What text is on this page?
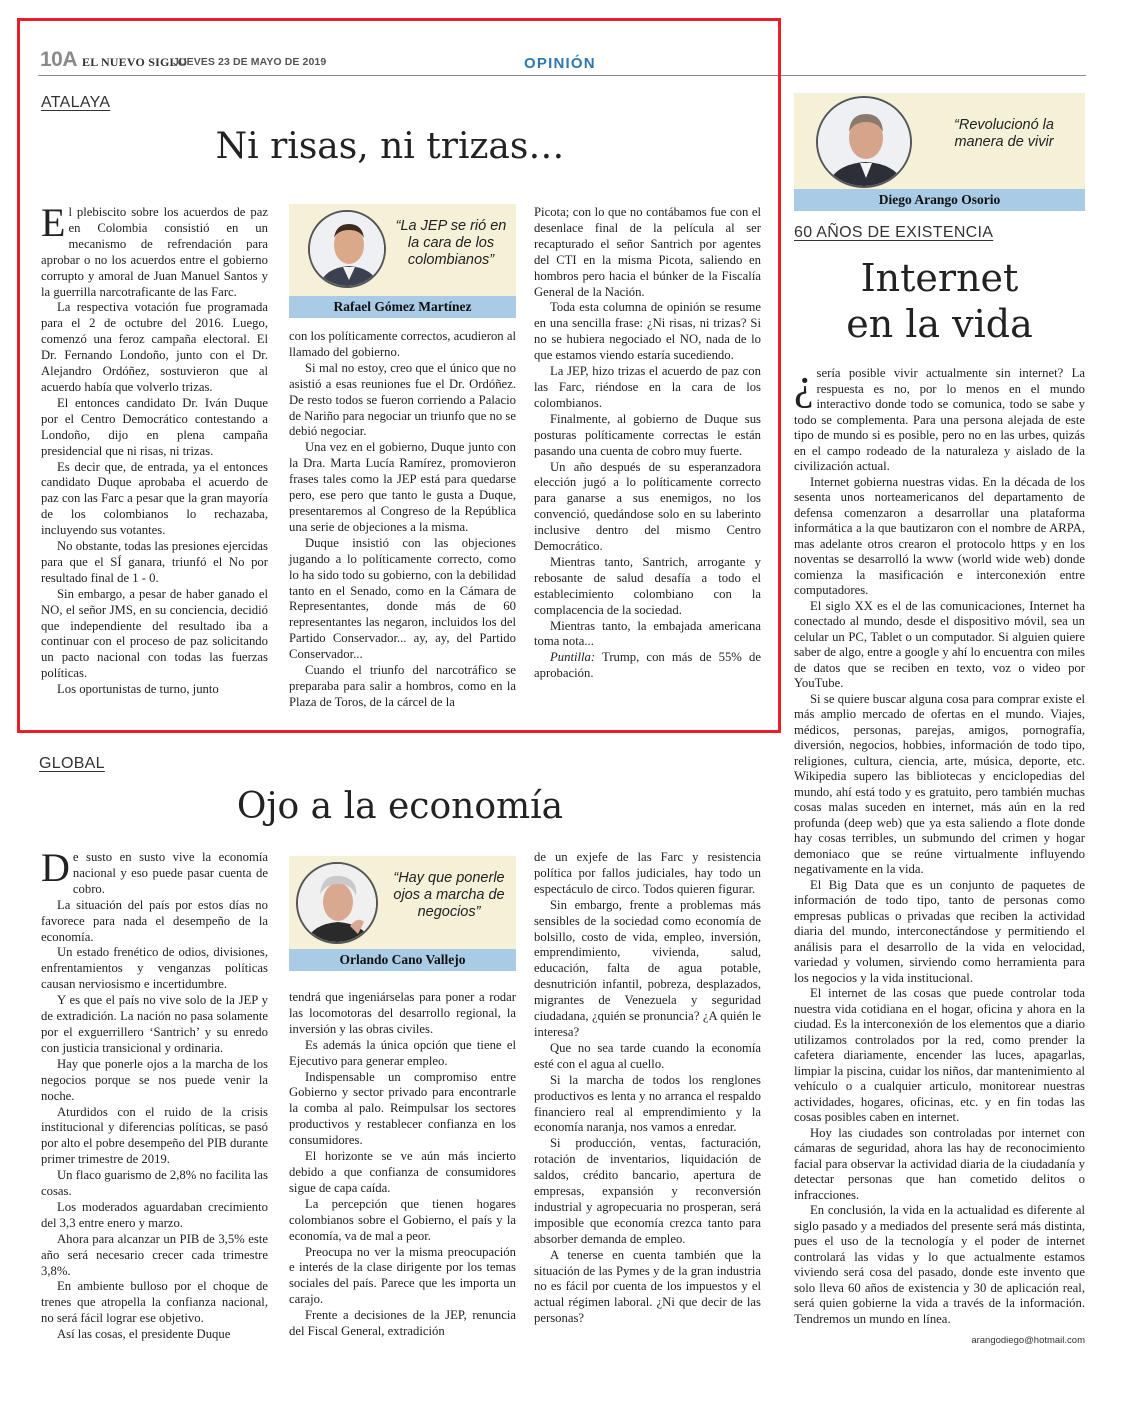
10A EL NUEVO SIGLO
JUEVES 23 DE MAYO DE 2019	OPINIÓN
ATALAYA
Ni risas, ni trizas…
E l plebiscito sobre los acuerdos de paz en Colombia consistió en un mecanismo de refrendación para aprobar o no los acuerdos entre el gobierno corrupto y amoral de Juan Manuel Santos y la guerrilla narcotraficante de las Farc.

La respectiva votación fue programada para el 2 de octubre del 2016. Luego, comenzó una feroz campaña electoral. El Dr. Fernando Londoño, junto con el Dr. Alejandro Ordóñez, sostuvieron que al acuerdo había que volverlo trizas.

El entonces candidato Dr. Iván Duque por el Centro Democrático contestando a Londoño, dijo en plena campaña presidencial que ni risas, ni trizas.

Es decir que, de entrada, ya el entonces candidato Duque aprobaba el acuerdo de paz con las Farc a pesar que la gran mayoría de los colombianos lo rechazaba, incluyendo sus votantes.

No obstante, todas las presiones ejercidas para que el SÍ ganara, triunfó el No por resultado final de 1 - 0.

Sin embargo, a pesar de haber ganado el NO, el señor JMS, en su conciencia, decidió que independiente del resultado iba a continuar con el proceso de paz solicitando un pacto nacional con todas las fuerzas políticas.

Los oportunistas de turno, junto

“La JEP se rió en la cara de los colombianos”
Rafael Gómez Martínez

con los políticamente correctos, acudieron al llamado del gobierno.

Si mal no estoy, creo que el único que no asistió a esas reuniones fue el Dr. Ordóñez. De resto todos se fueron corriendo a Palacio de Nariño para negociar un triunfo que no se debió negociar.

Una vez en el gobierno, Duque junto con la Dra. Marta Lucía Ramírez, promovieron frases tales como la JEP está para quedarse pero, ese pero que tanto le gusta a Duque, presentaremos al Congreso de la República una serie de objeciones a la misma.

Duque insistió con las objeciones jugando a lo políticamente correcto, como lo ha sido todo su gobierno, con la debilidad tanto en el Senado, como en la Cámara de Representantes, donde más de 60 representantes las negaron, incluidos los del Partido Conservador... ay, ay, del Partido Conservador...

Cuando el triunfo del narcotráfico se preparaba para salir a hombros, como en la Plaza de Toros, de la cárcel de la

Picota; con lo que no contábamos fue con el desenlace final de la película al ser recapturado el señor Santrich por agentes del CTI en la misma Picota, saliendo en hombros pero hacia el búnker de la Fiscalía General de la Nación.

Toda esta columna de opinión se resume en una sencilla frase: ¿Ni risas, ni trizas? Si no se hubiera negociado el NO, nada de lo que estamos viendo estaría sucediendo.

La JEP, hizo trizas el acuerdo de paz con las Farc, riéndose en la cara de los colombianos.

Finalmente, al gobierno de Duque sus posturas políticamente correctas le están pasando una cuenta de cobro muy fuerte.

Un año después de su esperanzadora elección jugó a lo políticamente correcto para ganarse a sus enemigos, no los convenció, quedándose solo en su laberinto inclusive dentro del mismo Centro Democrático.

Mientras tanto, Santrich, arrogante y rebosante de salud desafía a todo el establecimiento colombiano con la complacencia de la sociedad.

Mientras tanto, la embajada americana toma nota...

Puntilla: Trump, con más de 55% de aprobación.

GLOBAL
Ojo a la economía
D e susto en susto vive la economía nacional y eso puede pasar cuenta de cobro.

La situación del país por estos días no favorece para nada el desempeño de la economía.

Un estado frenético de odios, divisiones, enfrentamientos y venganzas políticas causan nerviosismo e incertidumbre.

Y es que el país no vive solo de la JEP y de extradición. La nación no pasa solamente por el exguerrillero ‘Santrich’ y su enredo con justicia transicional y ordinaria.

Hay que ponerle ojos a la marcha de los negocios porque se nos puede venir la noche.

Aturdidos con el ruido de la crisis institucional y diferencias políticas, se pasó por alto el pobre desempeño del PIB durante primer trimestre de 2019.

Un flaco guarismo de 2,8% no facilita las cosas.

Los moderados aguardaban crecimiento del 3,3 entre enero y marzo.

Ahora para alcanzar un PIB de 3,5% este año será necesario crecer cada trimestre 3,8%.

En ambiente bulloso por el choque de trenes que atropella la confianza nacional, no será fácil lograr ese objetivo.

Así las cosas, el presidente Duque

“Hay que ponerle ojos a marcha de negocios”
Orlando Cano Vallejo

tendrá que ingeniárselas para poner a rodar las locomotoras del desarrollo regional, la inversión y las obras civiles.

Es además la única opción que tiene el Ejecutivo para generar empleo.

Indispensable un compromiso entre Gobierno y sector privado para encontrarle la comba al palo. Reimpulsar los sectores productivos y restablecer confianza en los consumidores.

El horizonte se ve aún más incierto debido a que confianza de consumidores sigue de capa caída.

La percepción que tienen hogares colombianos sobre el Gobierno, el país y la economía, va de mal a peor.

Preocupa no ver la misma preocupación e interés de la clase dirigente por los temas sociales del país. Parece que les importa un carajo.

Frente a decisiones de la JEP, renuncia del Fiscal General, extradición

de un exjefe de las Farc y resistencia política por fallos judiciales, hay todo un espectáculo de circo. Todos quieren figurar.

Sin embargo, frente a problemas más sensibles de la sociedad como economía de bolsillo, costo de vida, empleo, inversión, emprendimiento, vivienda, salud, educación, falta de agua potable, desnutrición infantil, pobreza, desplazados, migrantes de Venezuela y seguridad ciudadana, ¿quién se pronuncia? ¿A quién le interesa?

Que no sea tarde cuando la economía esté con el agua al cuello.

Si la marcha de todos los renglones productivos es lenta y no arranca el respaldo financiero real al emprendimiento y la economía naranja, nos vamos a enredar.

Si producción, ventas, facturación, rotación de inventarios, liquidación de saldos, crédito bancario, apertura de empresas, expansión y reconversión industrial y agropecuaria no prosperan, será imposible que economía crezca tanto para absorber demanda de empleo.

A tenerse en cuenta también que la situación de las Pymes y de la gran industria no es fácil por cuenta de los impuestos y el actual régimen laboral. ¿Ni que decir de las personas?

“Revolucionó la manera de vivir
Diego Arango Osorio
60 AÑOS DE EXISTENCIA
Internet
en la vida
¿ sería posible vivir actualmente sin internet? La respuesta es no, por lo menos en el mundo interactivo donde todo se comunica, todo se sabe y todo se complementa. Para una persona alejada de este tipo de mundo si es posible, pero no en las urbes, quizás en el campo rodeado de la naturaleza y aislado de la civilización actual.

Internet gobierna nuestras vidas. En la década de los sesenta unos norteamericanos del departamento de defensa comenzaron a desarrollar una plataforma informática a la que bautizaron con el nombre de ARPA, mas adelante otros crearon el protocolo https y en los noventas se desarrolló la www (world wide web) donde comienza la masificación e interconexión entre computadores.

El siglo XX es el de las comunicaciones, Internet ha conectado al mundo, desde el dispositivo móvil, sea un celular un PC, Tablet o un computador. Si alguien quiere saber de algo, entre a google y ahí lo encuentra con miles de datos que se reciben en texto, voz o video por YouTube.

Si se quiere buscar alguna cosa para comprar existe el más amplio mercado de ofertas en el mundo. Viajes, médicos, personas, parejas, amigos, pornografía, diversión, negocios, hobbies, información de todo tipo, religiones, cultura, ciencia, arte, música, deporte, etc. Wikipedia supero las bibliotecas y enciclopedias del mundo, ahí está todo y es gratuito, pero también muchas cosas malas suceden en internet, más aún en la red profunda (deep web) que ya esta saliendo a flote donde hay cosas terribles, un submundo del crimen y hogar demoniaco que se reúne virtualmente influyendo negativamente en la vida.

El Big Data que es un conjunto de paquetes de información de todo tipo, tanto de personas como empresas publicas o privadas que reciben la actividad diaria del mundo, interconectándose y permitiendo el análisis para el desarrollo de la vida en velocidad, variedad y volumen, sirviendo como herramienta para los negocios y la vida institucional.

El internet de las cosas que puede controlar toda nuestra vida cotidiana en el hogar, oficina y ahora en la ciudad. Es la interconexión de los elementos que a diario utilizamos controlados por la red, como prender la cafetera diariamente, encender las luces, apagarlas, limpiar la piscina, cuidar los niños, dar mantenimiento al vehículo o a cualquier articulo, monitorear nuestras actividades, hogares, oficinas, etc. y en fin todas las cosas posibles caben en internet.

Hoy las ciudades son controladas por internet con cámaras de seguridad, ahora las hay de reconocimiento facial para observar la actividad diaria de la ciudadanía y detectar personas que han cometido delitos o infracciones.

En conclusión, la vida en la actualidad es diferente al siglo pasado y a mediados del presente será más distinta, pues el uso de la tecnología y el poder de internet controlará las vidas y lo que actualmente estamos viviendo será cosa del pasado, donde este invento que solo lleva 60 años de existencia y 30 de aplicación real, será quien gobierne la vida a través de la información. Tendremos un mundo en línea.

arangodiego@hotmail.com
